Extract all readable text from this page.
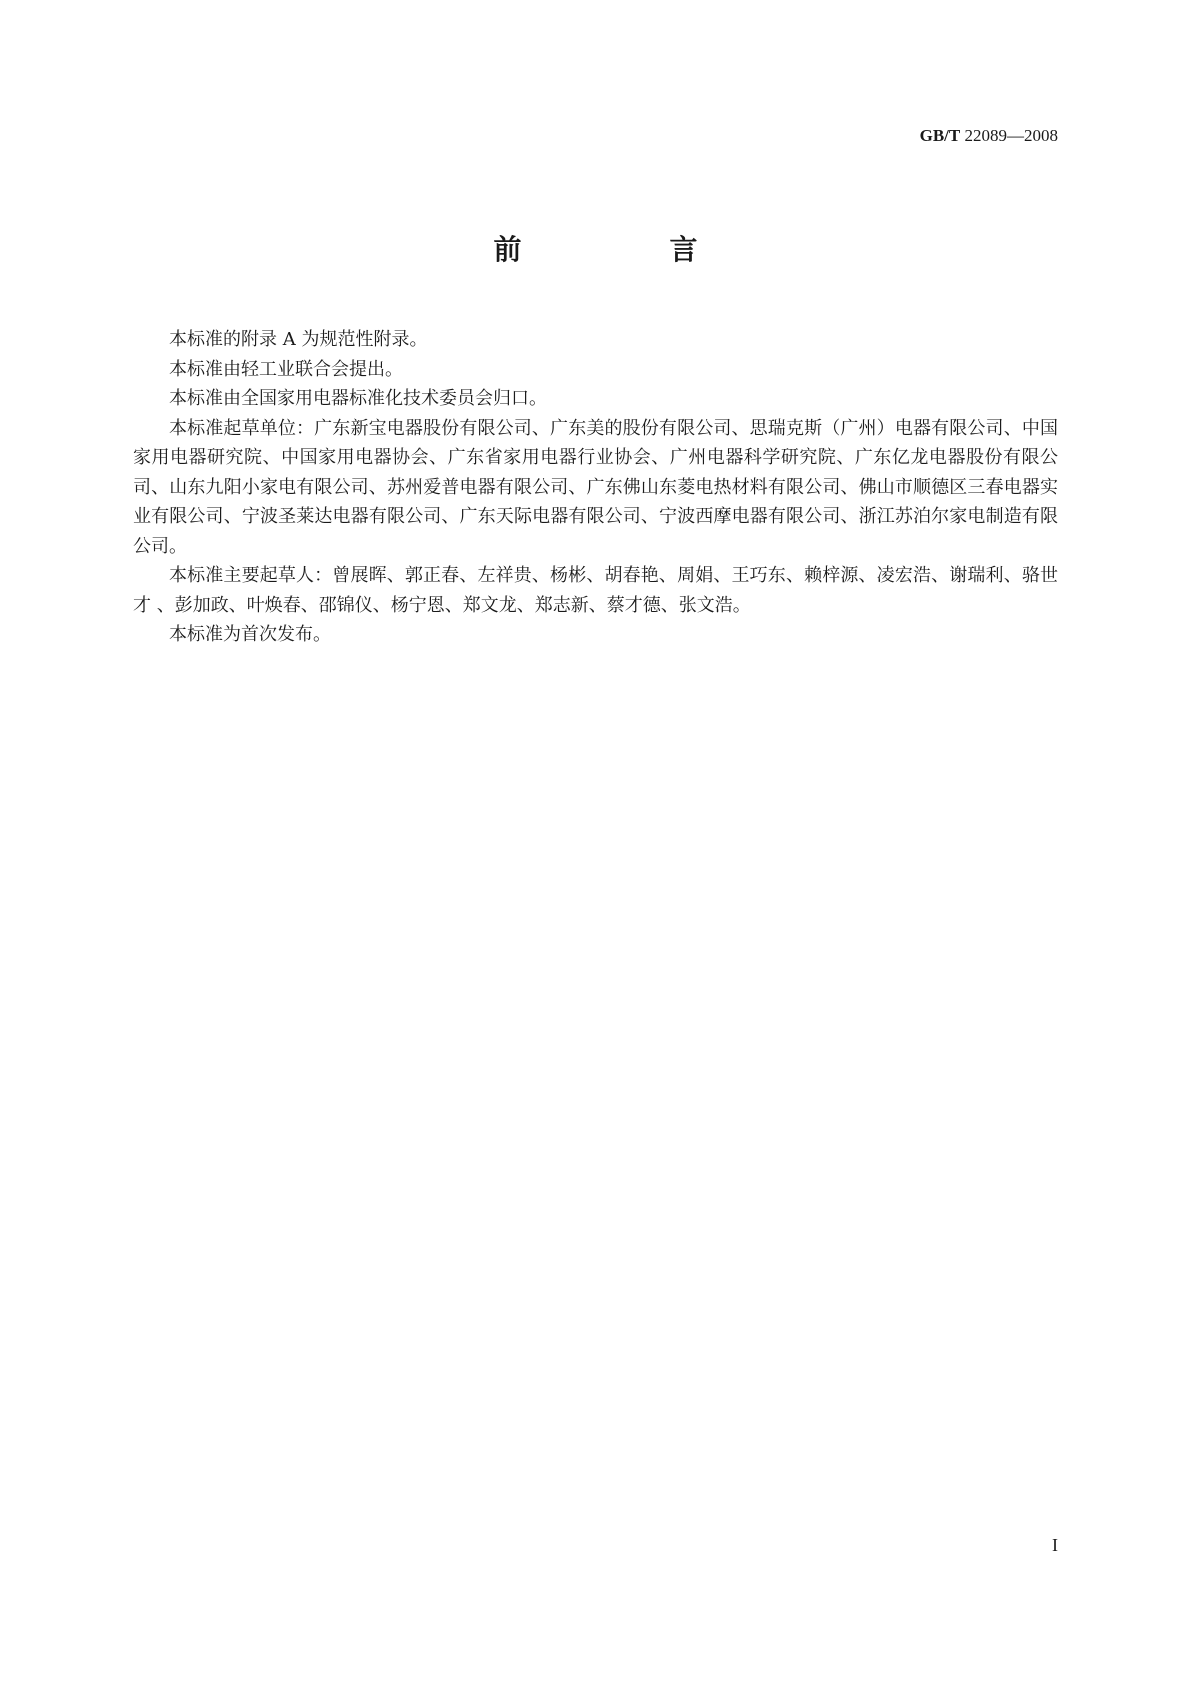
GB/T 22089—2008
前　言

本标准的附录 A 为规范性附录。

本标准由轻工业联合会提出。

本标准由全国家用电器标准化技术委员会归口。

本标准起草单位：广东新宝电器股份有限公司、广东美的股份有限公司、思瑞克斯（广州）电器有限公司、中国家用电器研究院、中国家用电器协会、广东省家用电器行业协会、广州电器科学研究院、广东亿龙电器股份有限公司、山东九阳小家电有限公司、苏州爱普电器有限公司、广东佛山东菱电热材料有限公司、佛山市顺德区三春电器实业有限公司、宁波圣莱达电器有限公司、广东天际电器有限公司、宁波西摩电器有限公司、浙江苏泊尔家电制造有限公司。

本标准主要起草人：曾展晖、郭正春、左祥贵、杨彬、胡春艳、周娟、王巧东、赖梓源、凌宏浩、谢瑞利、骆世才 、彭加政、叶焕春、邵锦仪、杨宁恩、郑文龙、郑志新、蔡才德、张文浩。

本标准为首次发布。

I
